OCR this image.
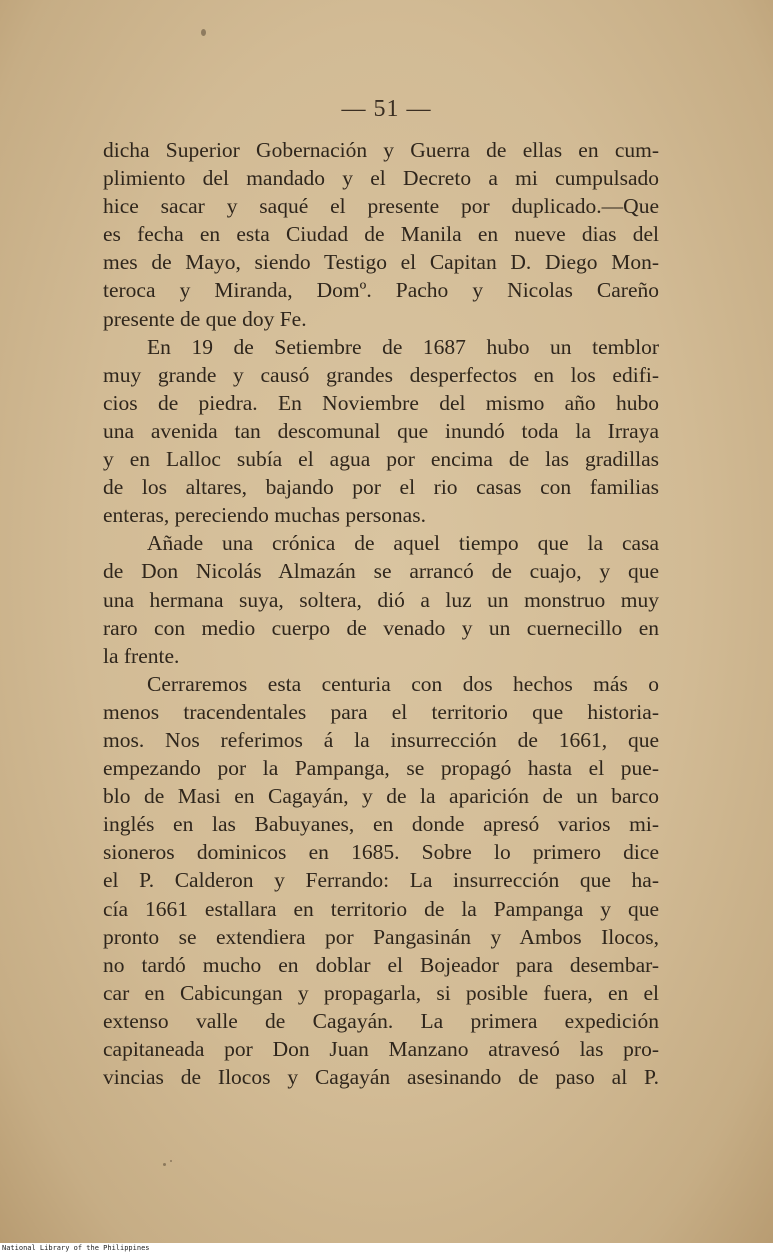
— 51 —
dicha Superior Gobernación y Guerra de ellas en cum-
plimiento del mandado y el Decreto a mi cumpulsado
hice sacar y saqué el presente por duplicado.—Que
es fecha en esta Ciudad de Manila en nueve dias del
mes de Mayo, siendo Testigo el Capitan D. Diego Mon-
teroca y Miranda, Domº. Pacho y Nicolas Careño
presente de que doy Fe.
En 19 de Setiembre de 1687 hubo un temblor
muy grande y causó grandes desperfectos en los edifi-
cios de piedra. En Noviembre del mismo año hubo
una avenida tan descomunal que inundó toda la Irraya
y en Lalloc subía el agua por encima de las gradillas
de los altares, bajando por el rio casas con familias
enteras, pereciendo muchas personas.
Añade una crónica de aquel tiempo que la casa
de Don Nicolás Almazán se arrancó de cuajo, y que
una hermana suya, soltera, dió a luz un monstruo muy
raro con medio cuerpo de venado y un cuernecillo en
la frente.
Cerraremos esta centuria con dos hechos más o
menos tracendentales para el territorio que historia-
mos. Nos referimos á la insurrección de 1661, que
empezando por la Pampanga, se propagó hasta el pue-
blo de Masi en Cagayán, y de la aparición de un barco
inglés en las Babuyanes, en donde apresó varios mi-
sioneros dominicos en 1685. Sobre lo primero dice
el P. Calderon y Ferrando: La insurrección que ha-
cía 1661 estallara en territorio de la Pampanga y que
pronto se extendiera por Pangasinán y Ambos Ilocos,
no tardó mucho en doblar el Bojeador para desembar-
car en Cabicungan y propagarla, si posible fuera, en el
extenso valle de Cagayán. La primera expedición
capitaneada por Don Juan Manzano atravesó las pro-
vincias de Ilocos y Cagayán asesinando de paso al P.
National Library of the Philippines
